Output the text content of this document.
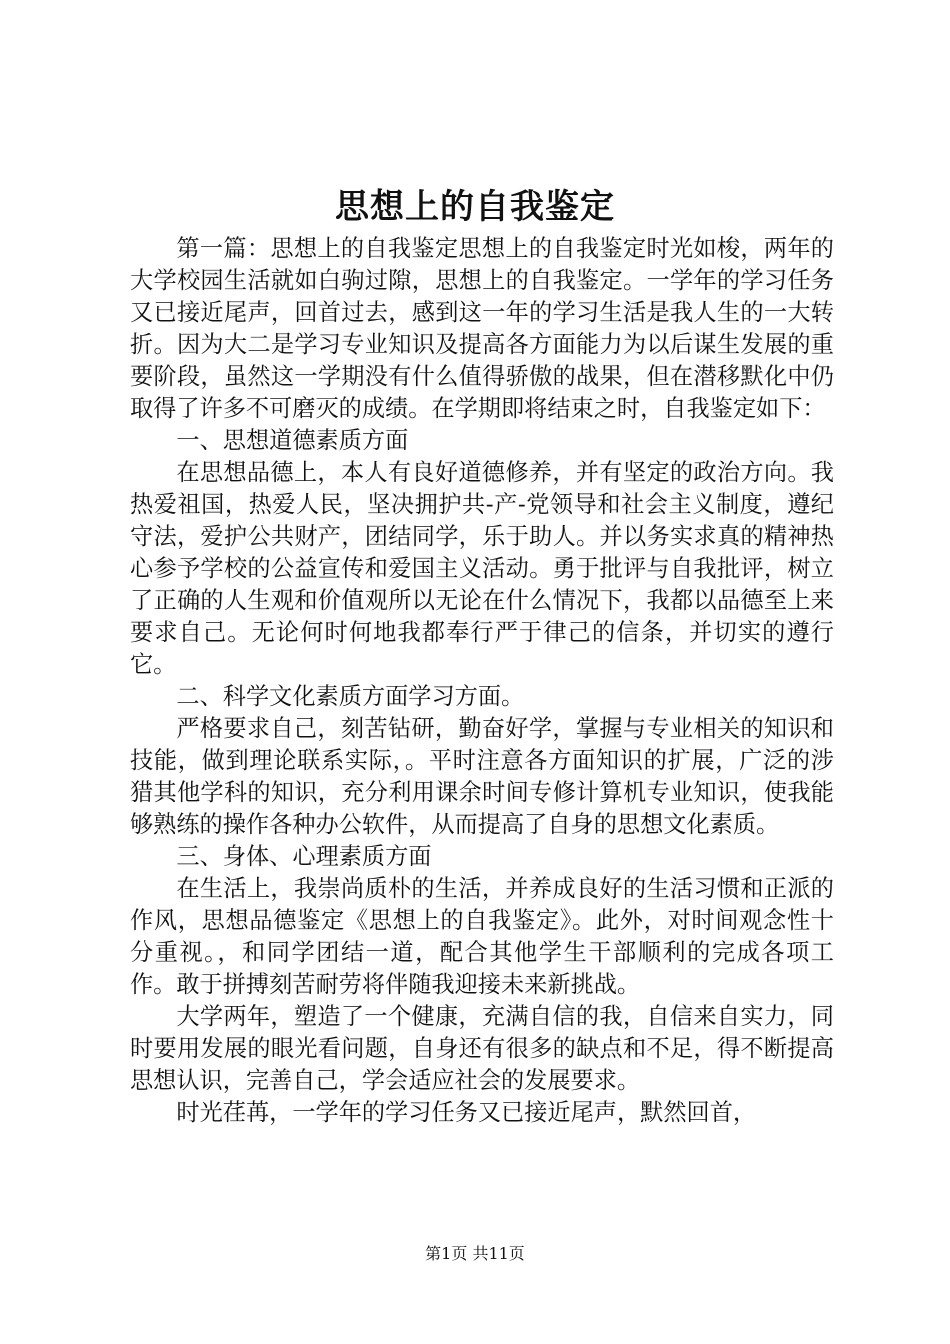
思想上的自我鉴定

第一篇：思想上的自我鉴定思想上的自我鉴定时光如梭，两年的大学校园生活就如白驹过隙，思想上的自我鉴定。一学年的学习任务又已接近尾声，回首过去，感到这一年的学习生活是我人生的一大转折。因为大二是学习专业知识及提高各方面能力为以后谋生发展的重要阶段，虽然这一学期没有什么值得骄傲的战果，但在潜移默化中仍取得了许多不可磨灭的成绩。在学期即将结束之时，自我鉴定如下：

一、思想道德素质方面

在思想品德上，本人有良好道德修养，并有坚定的政治方向。我热爱祖国，热爱人民，坚决拥护共-产-党领导和社会主义制度，遵纪守法，爱护公共财产，团结同学，乐于助人。并以务实求真的精神热心参予学校的公益宣传和爱国主义活动。勇于批评与自我批评，树立了正确的人生观和价值观所以无论在什么情况下，我都以品德至上来要求自己。无论何时何地我都奉行严于律己的信条，并切实的遵行它。

二、科学文化素质方面学习方面。

严格要求自己，刻苦钻研，勤奋好学，掌握与专业相关的知识和技能，做到理论联系实际，。平时注意各方面知识的扩展，广泛的涉猎其他学科的知识，充分利用课余时间专修计算机专业知识，使我能够熟练的操作各种办公软件，从而提高了自身的思想文化素质。

三、身体、心理素质方面

在生活上，我崇尚质朴的生活，并养成良好的生活习惯和正派的作风，思想品德鉴定《思想上的自我鉴定》。此外，对时间观念性十分重视。，和同学团结一道，配合其他学生干部顺利的完成各项工作。敢于拼搏刻苦耐劳将伴随我迎接未来新挑战。

大学两年，塑造了一个健康，充满自信的我，自信来自实力，同时要用发展的眼光看问题，自身还有很多的缺点和不足，得不断提高思想认识，完善自己，学会适应社会的发展要求。

时光荏苒，一学年的学习任务又已接近尾声，默然回首，

第1页 共11页
